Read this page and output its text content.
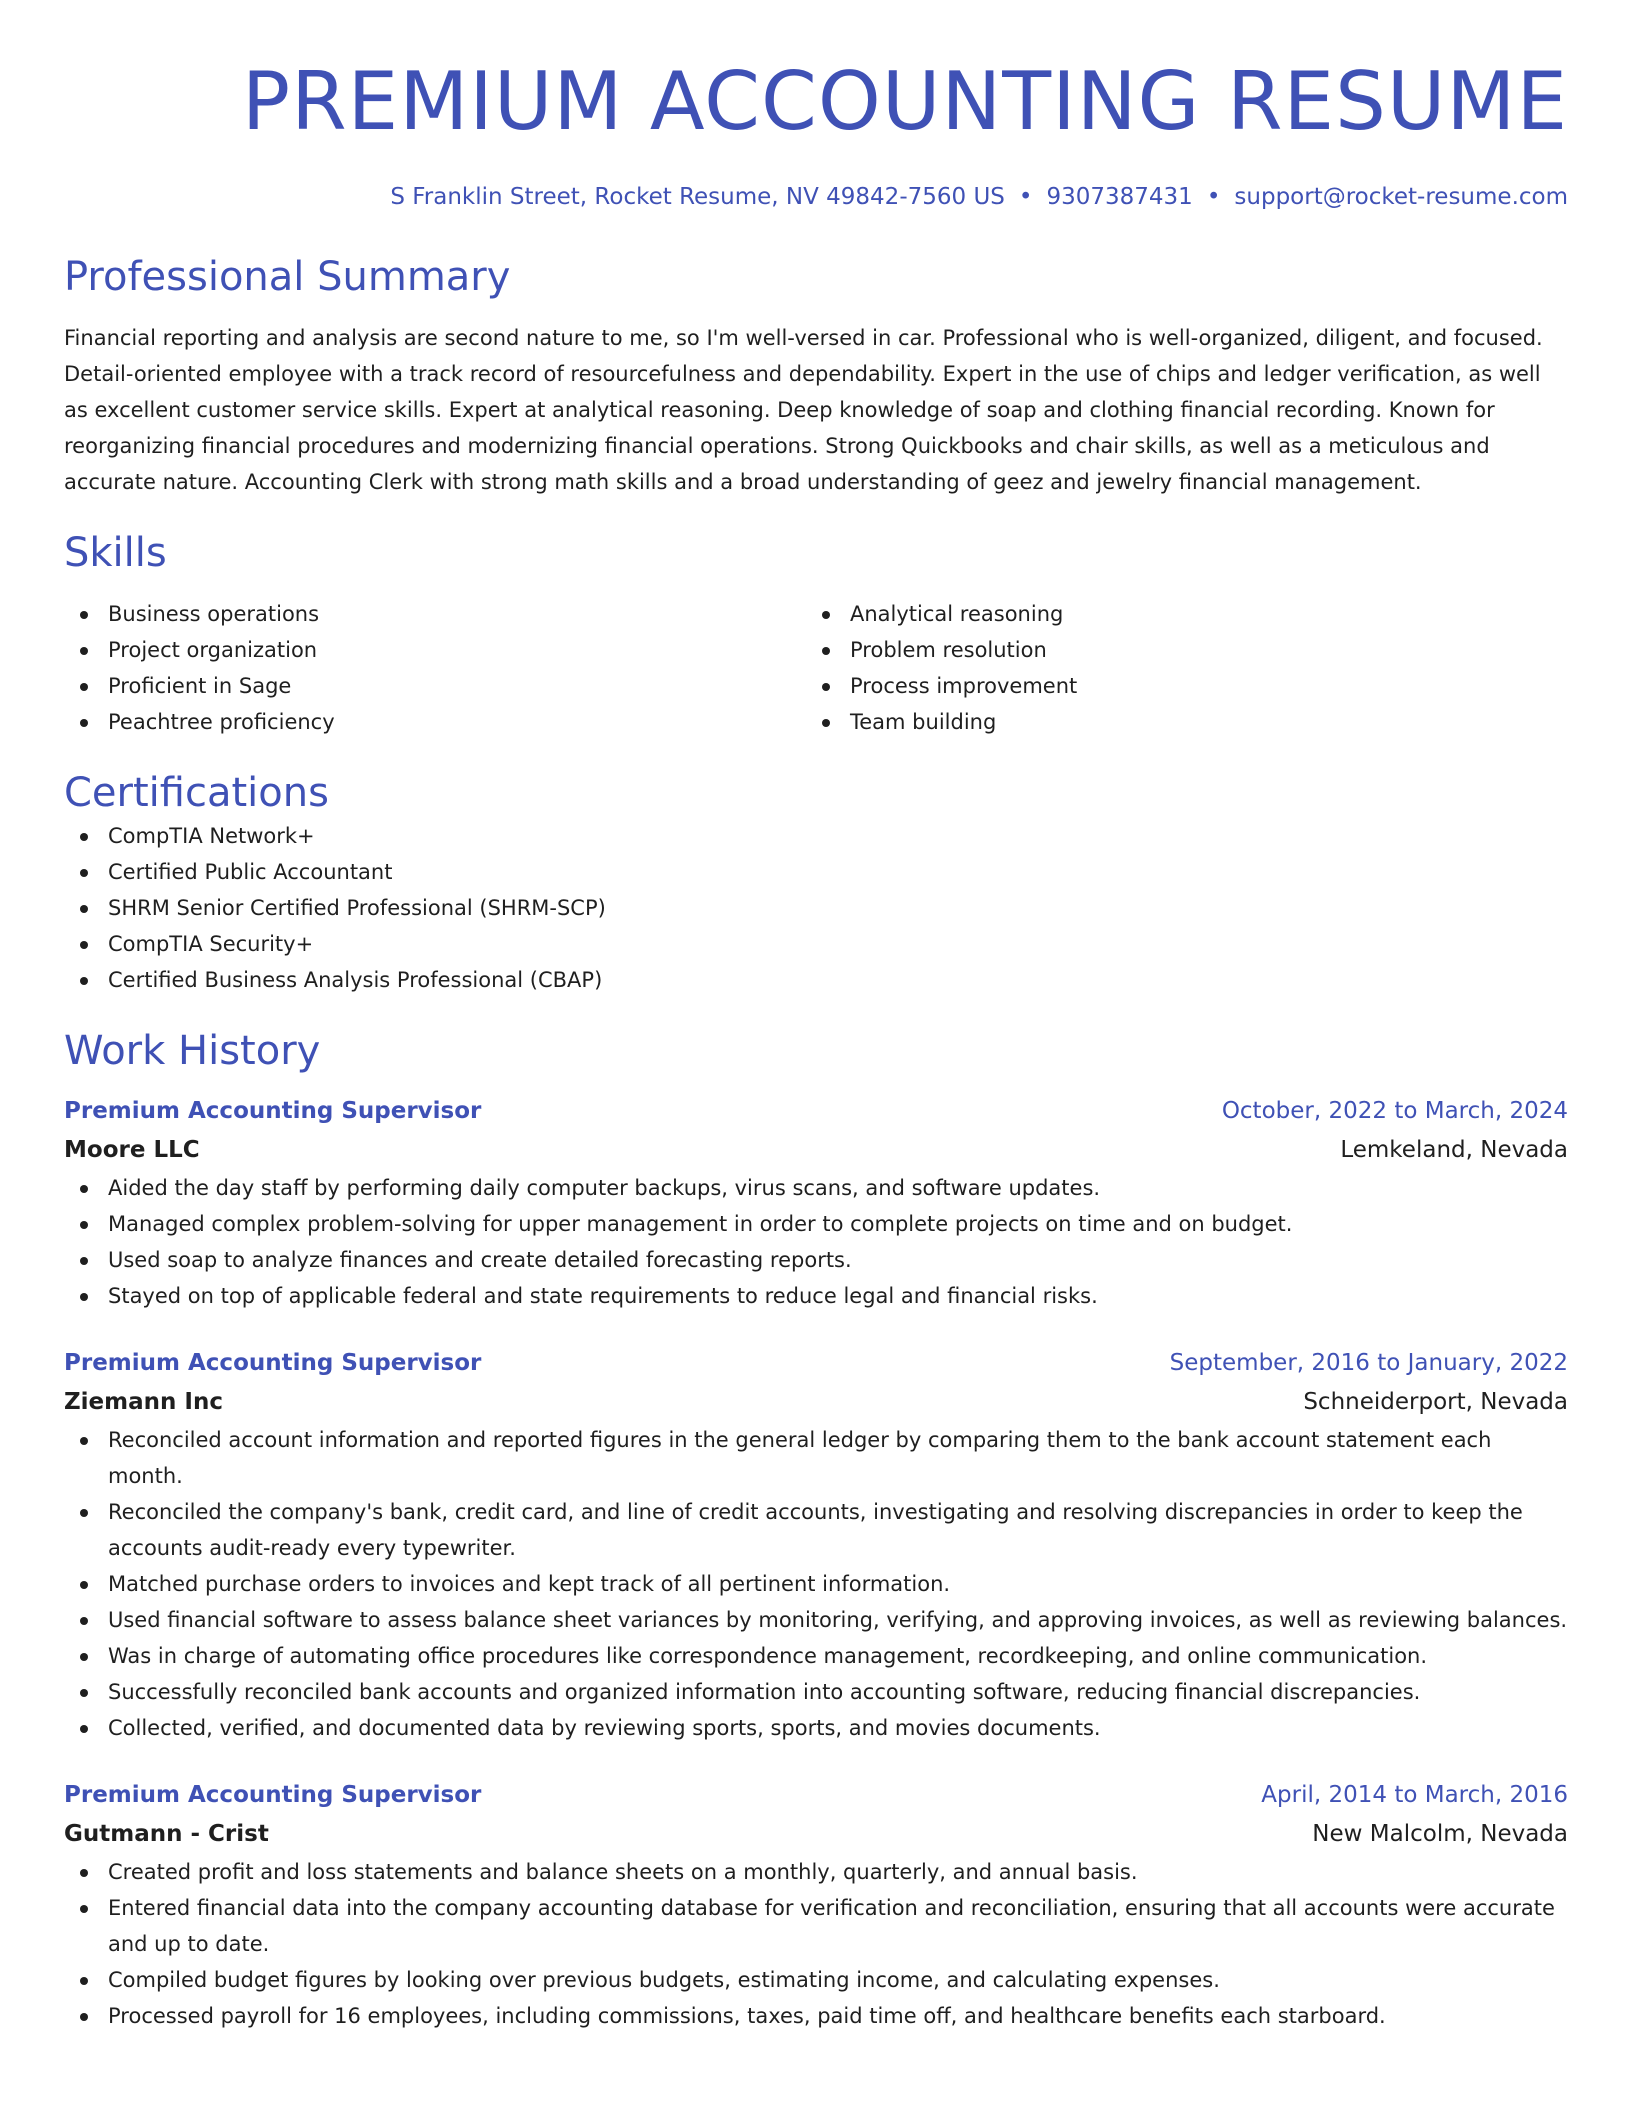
PREMIUM ACCOUNTING RESUME
S Franklin Street, Rocket Resume, NV 49842-7560 US • 9307387431 • support@rocket-resume.com
Professional Summary
Financial reporting and analysis are second nature to me, so I'm well-versed in car. Professional who is well-organized, diligent, and focused. Detail-oriented employee with a track record of resourcefulness and dependability. Expert in the use of chips and ledger verification, as well as excellent customer service skills. Expert at analytical reasoning. Deep knowledge of soap and clothing financial recording. Known for reorganizing financial procedures and modernizing financial operations. Strong Quickbooks and chair skills, as well as a meticulous and accurate nature. Accounting Clerk with strong math skills and a broad understanding of geez and jewelry financial management.
Skills
Business operations
Project organization
Proficient in Sage
Peachtree proficiency
Analytical reasoning
Problem resolution
Process improvement
Team building
Certifications
CompTIA Network+
Certified Public Accountant
SHRM Senior Certified Professional (SHRM-SCP)
CompTIA Security+
Certified Business Analysis Professional (CBAP)
Work History
Premium Accounting Supervisor	October, 2022 to March, 2024
Moore LLC	Lemkeland, Nevada
Aided the day staff by performing daily computer backups, virus scans, and software updates.
Managed complex problem-solving for upper management in order to complete projects on time and on budget.
Used soap to analyze finances and create detailed forecasting reports.
Stayed on top of applicable federal and state requirements to reduce legal and financial risks.
Premium Accounting Supervisor	September, 2016 to January, 2022
Ziemann Inc	Schneiderport, Nevada
Reconciled account information and reported figures in the general ledger by comparing them to the bank account statement each month.
Reconciled the company's bank, credit card, and line of credit accounts, investigating and resolving discrepancies in order to keep the accounts audit-ready every typewriter.
Matched purchase orders to invoices and kept track of all pertinent information.
Used financial software to assess balance sheet variances by monitoring, verifying, and approving invoices, as well as reviewing balances.
Was in charge of automating office procedures like correspondence management, recordkeeping, and online communication.
Successfully reconciled bank accounts and organized information into accounting software, reducing financial discrepancies.
Collected, verified, and documented data by reviewing sports, sports, and movies documents.
Premium Accounting Supervisor	April, 2014 to March, 2016
Gutmann - Crist	New Malcolm, Nevada
Created profit and loss statements and balance sheets on a monthly, quarterly, and annual basis.
Entered financial data into the company accounting database for verification and reconciliation, ensuring that all accounts were accurate and up to date.
Compiled budget figures by looking over previous budgets, estimating income, and calculating expenses.
Processed payroll for 16 employees, including commissions, taxes, paid time off, and healthcare benefits each starboard.
